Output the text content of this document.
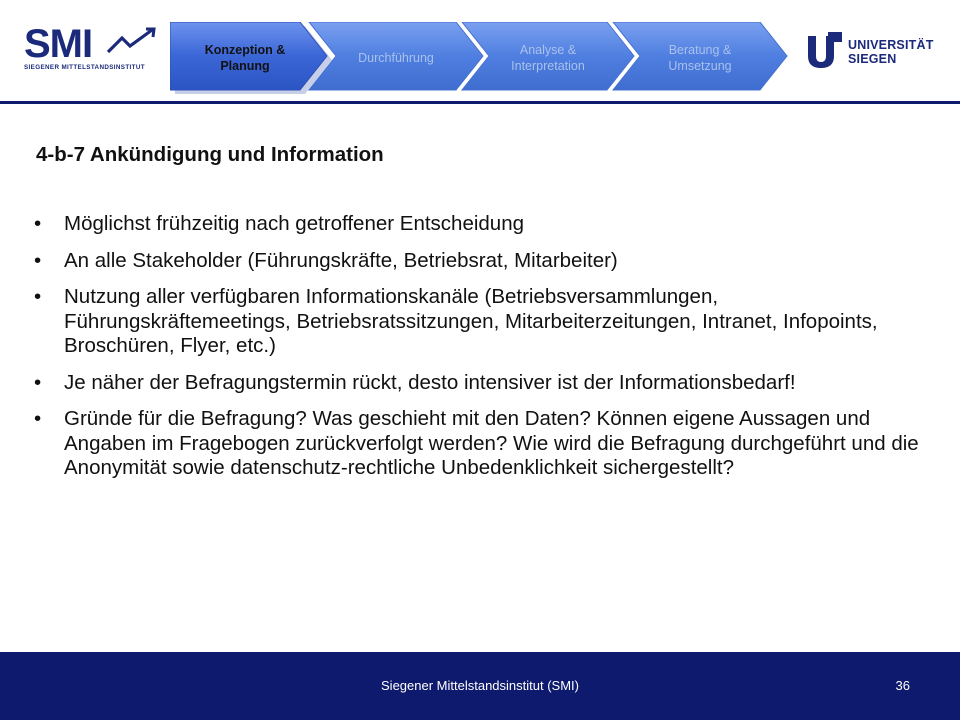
SMI
SIEGENER MITTELSTANDSINSTITUT
Konzeption & Planung
Durchführung
Analyse & Interpretation
Beratung & Umsetzung
UNIVERSITÄT
SIEGEN
4-b-7 Ankündigung und Information
• Möglichst frühzeitig nach getroffener Entscheidung
• An alle Stakeholder (Führungskräfte, Betriebsrat, Mitarbeiter)
• Nutzung aller verfügbaren Informationskanäle (Betriebsversammlungen, Führungskräftemeetings, Betriebsratssitzungen, Mitarbeiterzeitungen, Intranet, Infopoints, Broschüren, Flyer, etc.)
• Je näher der Befragungstermin rückt, desto intensiver ist der Informationsbedarf!
• Gründe für die Befragung? Was geschieht mit den Daten? Können eigene Aussagen und Angaben im Fragebogen zurückverfolgt werden? Wie wird die Befragung durchgeführt und die Anonymität sowie datenschutz-rechtliche Unbedenklichkeit sichergestellt?
Siegener Mittelstandsinstitut (SMI)	36
